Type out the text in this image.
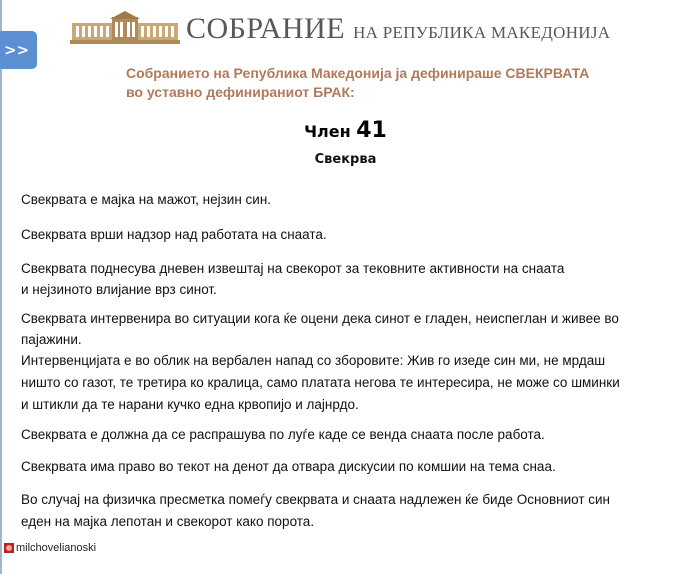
>>
СОБРАНИЕ НА РЕПУБЛИКА МАКЕДОНИЈА
Собранието на Република Македонија ја дефинираше СВЕКРВАТА
во уставно дефинираниот БРАК:
Член 41
Свекрва
Свекрвата е мајка на мажот, нејзин син.
Свекрвата врши надзор над работата на снаата.
Свекрвата поднесува дневен извештај на свекорот за тековните активности на снаата
и нејзиното влијание врз синот.
Свекрвата интервенира во ситуации кога ќе оцени дека синот е гладен, неиспеглан и живее во
пајажини.
Интервенцијата е во облик на вербален напад со зборовите: Жив го изеде син ми, не мрдаш
ништо со газот, те третира ко кралица, само платата негова те интересира, не може со шминки
и штикли да те нарани кучко една крвопијо и лајнрдо.
Свекрвата е должна да се распрашува по луѓе каде се венда снаата после работа.
Свекрвата има право во текот на денот да отвара дискусии по комшии на тема снаа.
Во случај на физичка пресметка помеѓу свекрвата и снаата надлежен ќе биде Основниот син
еден на мајка лепотан и свекорот како порота.
milchovelianoski
